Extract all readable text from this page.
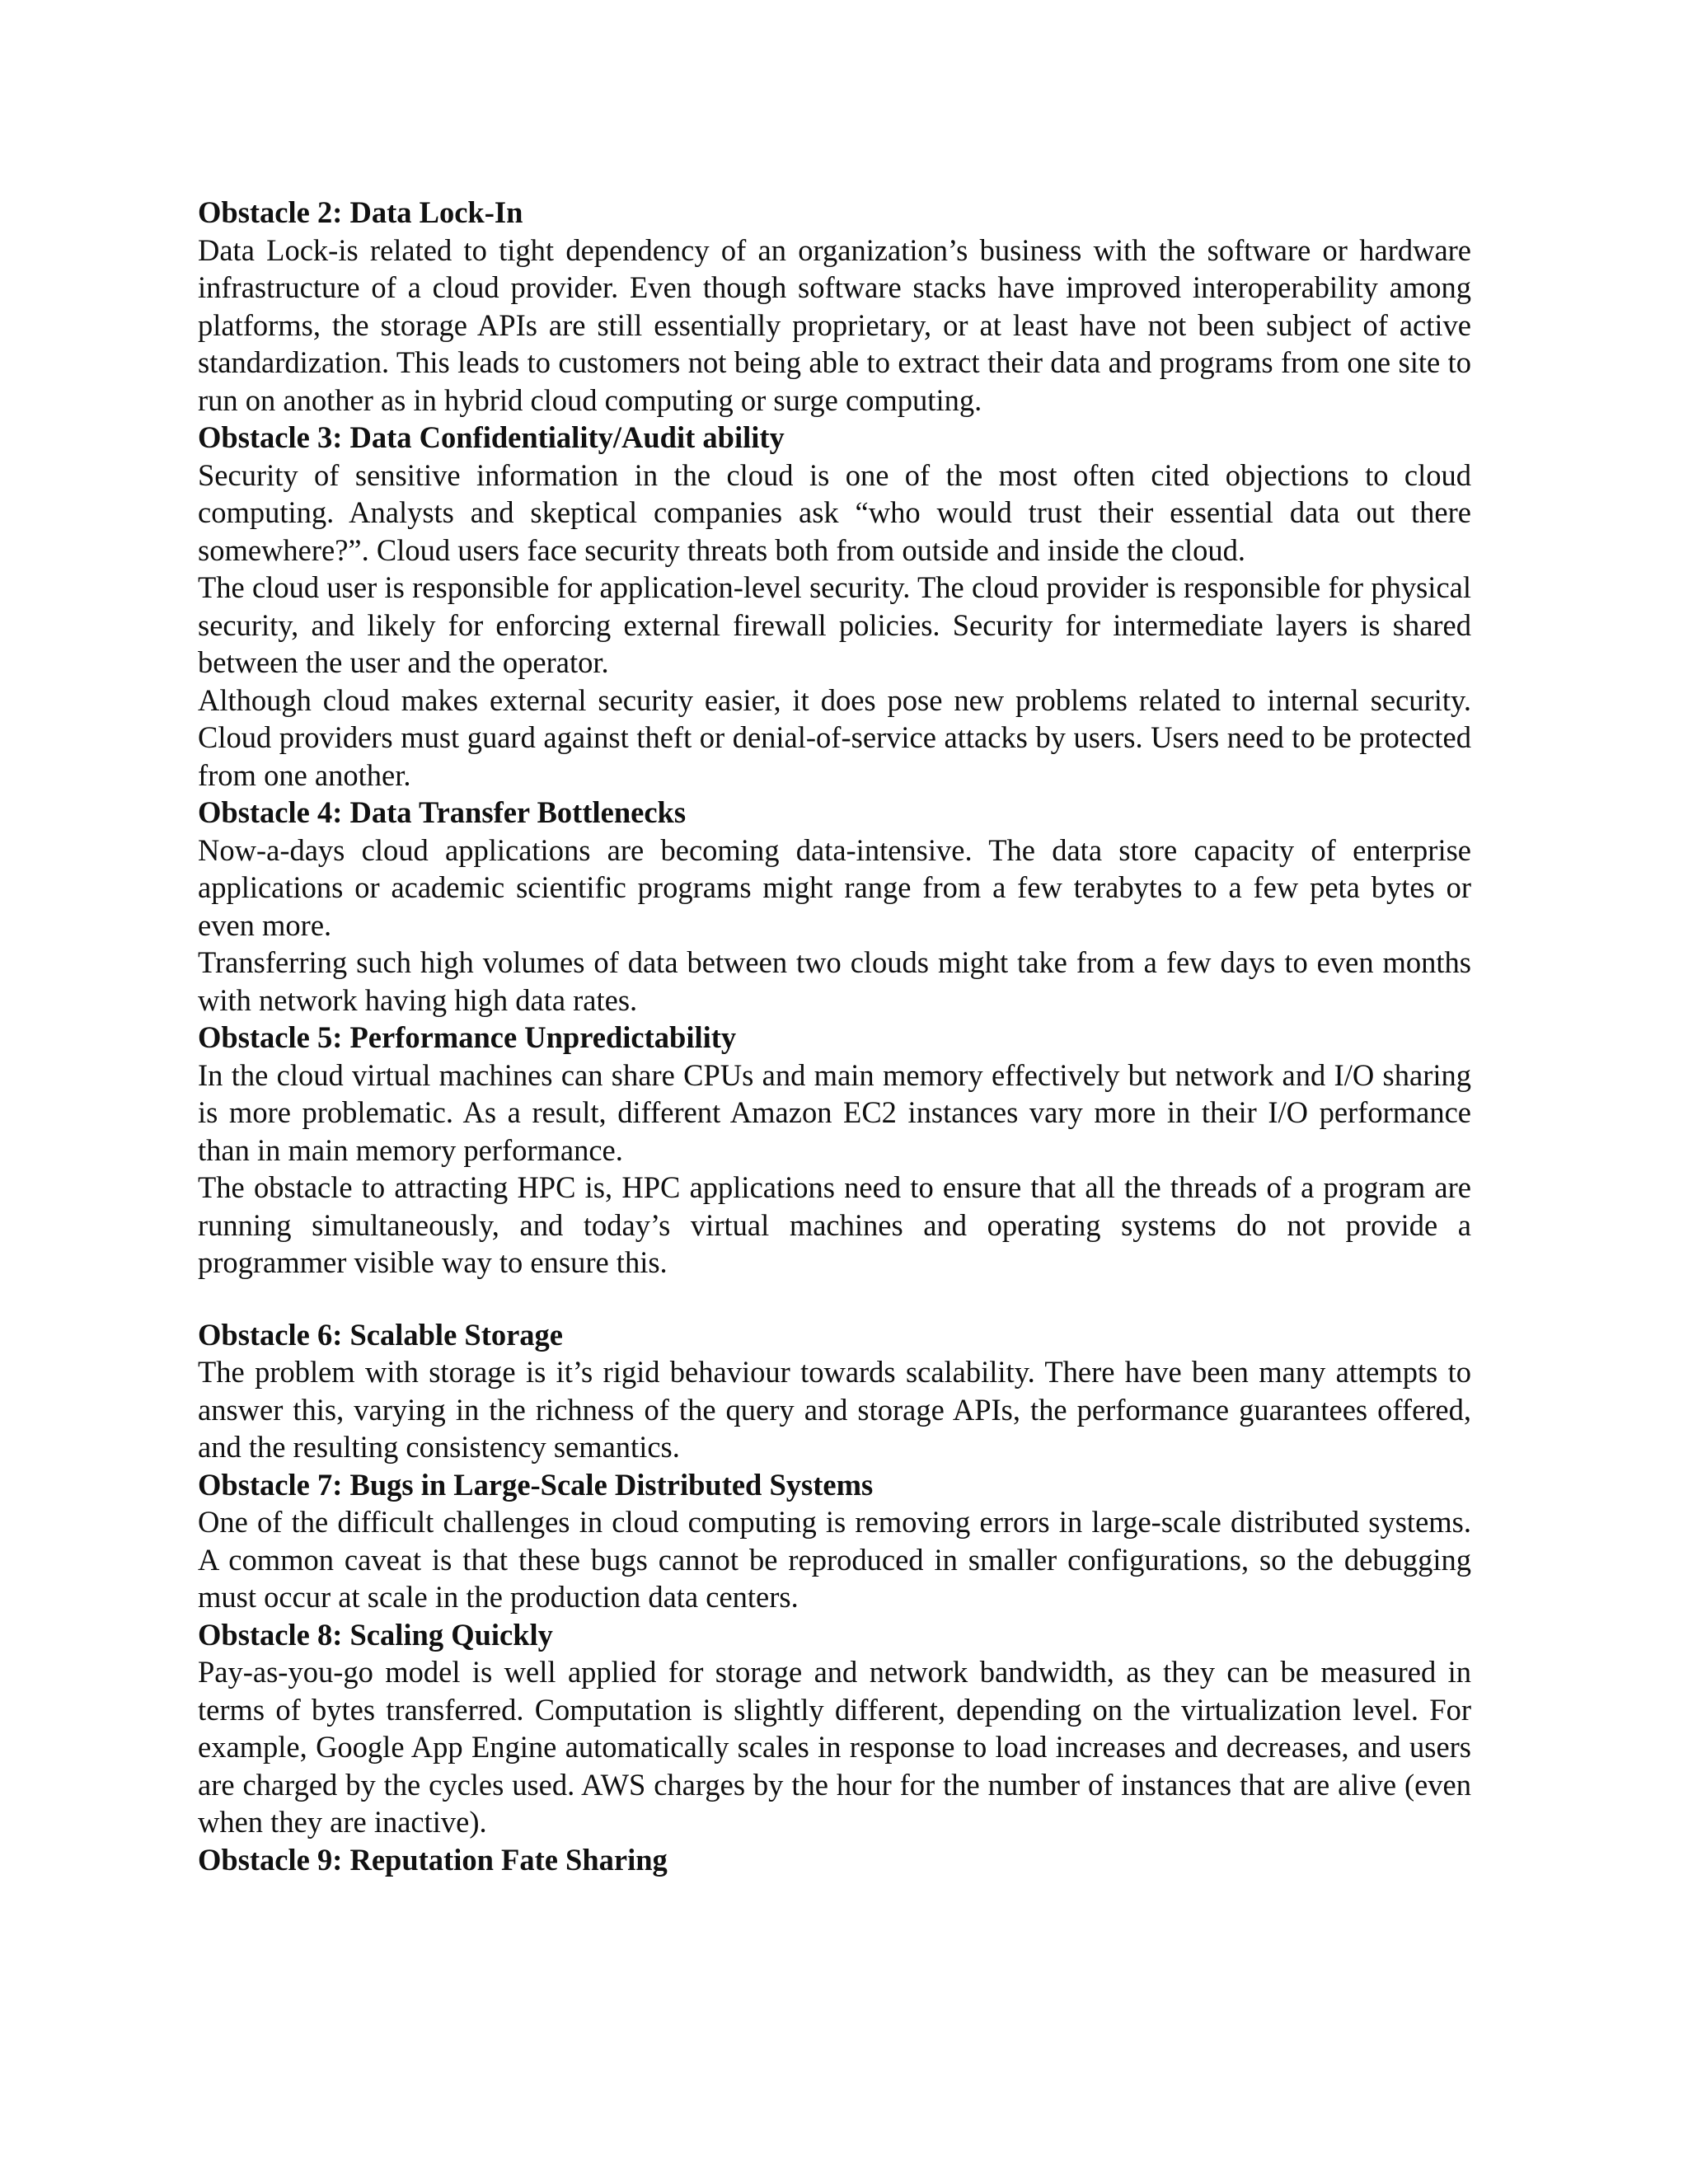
Obstacle 2: Data Lock-In

Data Lock-is related to tight dependency of an organization’s business with the software or hardware infrastructure of a cloud provider. Even though software stacks have improved interoperability among platforms, the storage APIs are still essentially proprietary, or at least have not been subject of active standardization. This leads to customers not being able to extract their data and programs from one site to run on another as in hybrid cloud computing or surge computing.

Obstacle 3: Data Confidentiality/Audit ability

Security of sensitive information in the cloud is one of the most often cited objections to cloud computing. Analysts and skeptical companies ask “who would trust their essential data out there somewhere?”. Cloud users face security threats both from outside and inside the cloud.

The cloud user is responsible for application-level security. The cloud provider is responsible for physical security, and likely for enforcing external firewall policies. Security for intermediate layers is shared between the user and the operator.

Although cloud makes external security easier, it does pose new problems related to internal security. Cloud providers must guard against theft or denial-of-service attacks by users. Users need to be protected from one another.

Obstacle 4: Data Transfer Bottlenecks

Now-a-days cloud applications are becoming data-intensive. The data store capacity of enterprise applications or academic scientific programs might range from a few terabytes to a few peta bytes or even more.

Transferring such high volumes of data between two clouds might take from a few days to even months with network having high data rates.

Obstacle 5: Performance Unpredictability

In the cloud virtual machines can share CPUs and main memory effectively but network and I/O sharing is more problematic. As a result, different Amazon EC2 instances vary more in their I/O performance than in main memory performance.

The obstacle to attracting HPC is, HPC applications need to ensure that all the threads of a program are running simultaneously, and today’s virtual machines and operating systems do not provide a programmer visible way to ensure this.

Obstacle 6: Scalable Storage

The problem with storage is it’s rigid behaviour towards scalability. There have been many attempts to answer this, varying in the richness of the query and storage APIs, the performance guarantees offered, and the resulting consistency semantics.

Obstacle 7: Bugs in Large-Scale Distributed Systems

One of the difficult challenges in cloud computing is removing errors in large-scale distributed systems. A common caveat is that these bugs cannot be reproduced in smaller configurations, so the debugging must occur at scale in the production data centers.

Obstacle 8: Scaling Quickly

Pay-as-you-go model is well applied for storage and network bandwidth, as they can be measured in terms of bytes transferred. Computation is slightly different, depending on the virtualization level. For example, Google App Engine automatically scales in response to load increases and decreases, and users are charged by the cycles used. AWS charges by the hour for the number of instances that are alive (even when they are inactive).

Obstacle 9: Reputation Fate Sharing
